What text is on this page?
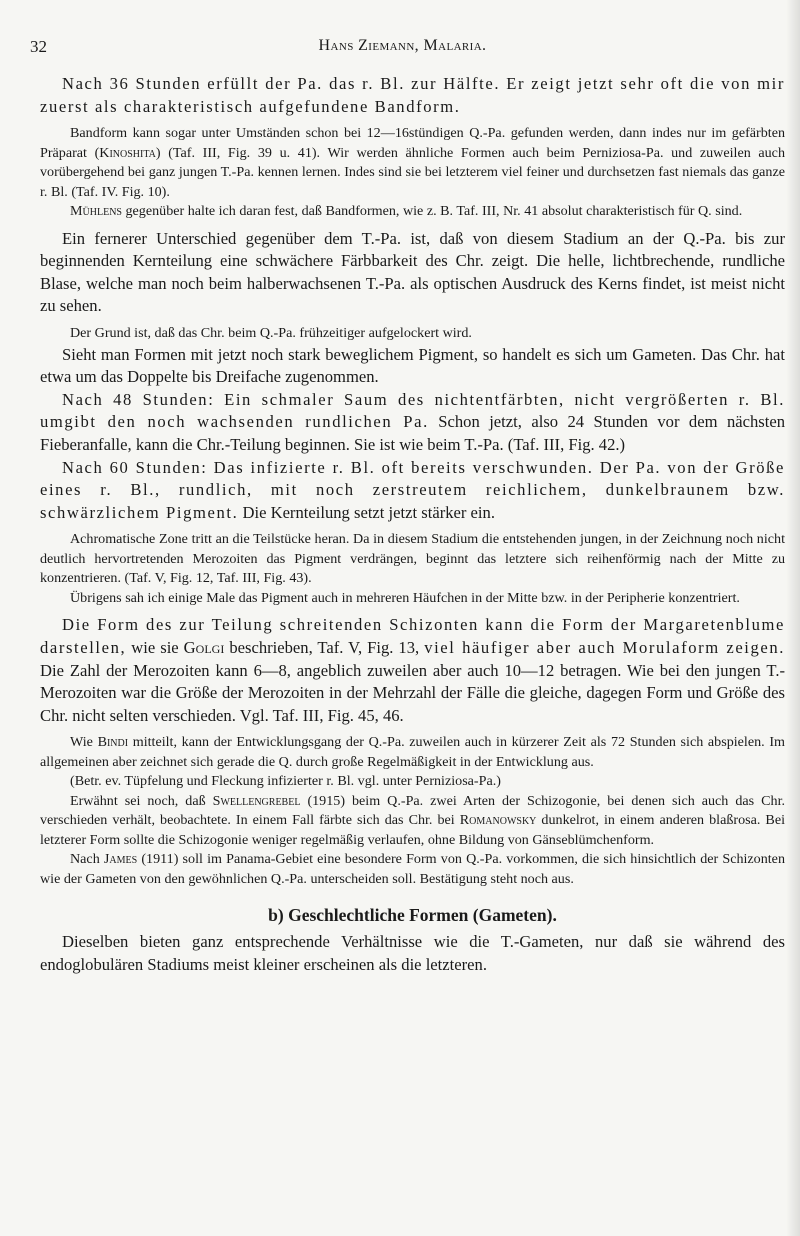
32	Hans Ziemann, Malaria.

Nach 36 Stunden erfüllt der Pa. das r. Bl. zur Hälfte. Er zeigt jetzt sehr oft die von mir zuerst als charakteristisch aufgefundene Bandform.

Bandform kann sogar unter Umständen schon bei 12—16stündigen Q.-Pa. gefunden werden, dann indes nur im gefärbten Präparat (Kinoshita) (Taf. III, Fig. 39 u. 41). Wir werden ähnliche Formen auch beim Perniziosa-Pa. und zuweilen auch vorübergehend bei ganz jungen T.-Pa. kennen lernen. Indes sind sie bei letzterem viel feiner und durchsetzen fast niemals das ganze r. Bl. (Taf. IV. Fig. 10).

Mühlens gegenüber halte ich daran fest, daß Bandformen, wie z. B. Taf. III, Nr. 41 absolut charakteristisch für Q. sind.

Ein fernerer Unterschied gegenüber dem T.-Pa. ist, daß von diesem Stadium an der Q.-Pa. bis zur beginnenden Kernteilung eine schwächere Färbbarkeit des Chr. zeigt. Die helle, lichtbrechende, rundliche Blase, welche man noch beim halberwachsenen T.-Pa. als optischen Ausdruck des Kerns findet, ist meist nicht zu sehen.

Der Grund ist, daß das Chr. beim Q.-Pa. frühzeitiger aufgelockert wird.

Sieht man Formen mit jetzt noch stark beweglichem Pigment, so handelt es sich um Gameten. Das Chr. hat etwa um das Doppelte bis Dreifache zugenommen.

Nach 48 Stunden: Ein schmaler Saum des nichtentfärbten, nicht vergrößerten r. Bl. umgibt den noch wachsenden rundlichen Pa. Schon jetzt, also 24 Stunden vor dem nächsten Fieberanfalle, kann die Chr.-Teilung beginnen. Sie ist wie beim T.-Pa. (Taf. III, Fig. 42.)

Nach 60 Stunden: Das infizierte r. Bl. oft bereits verschwunden. Der Pa. von der Größe eines r. Bl., rundlich, mit noch zerstreutem reichlichem, dunkelbraunem bzw. schwärzlichem Pigment. Die Kernteilung setzt jetzt stärker ein.

Achromatische Zone tritt an die Teilstücke heran. Da in diesem Stadium die entstehenden jungen, in der Zeichnung noch nicht deutlich hervortretenden Merozoiten das Pigment verdrängen, beginnt das letztere sich reihenförmig nach der Mitte zu konzentrieren. (Taf. V, Fig. 12, Taf. III, Fig. 43).

Übrigens sah ich einige Male das Pigment auch in mehreren Häufchen in der Mitte bzw. in der Peripherie konzentriert.

Die Form des zur Teilung schreitenden Schizonten kann die Form der Margaretenblume darstellen, wie sie Golgi beschrieben, Taf. V, Fig. 13, viel häufiger aber auch Morulaform zeigen. Die Zahl der Merozoiten kann 6—8, angeblich zuweilen aber auch 10—12 betragen. Wie bei den jungen T.-Merozoiten war die Größe der Merozoiten in der Mehrzahl der Fälle die gleiche, dagegen Form und Größe des Chr. nicht selten verschieden. Vgl. Taf. III, Fig. 45, 46.

Wie Bindi mitteilt, kann der Entwicklungsgang der Q.-Pa. zuweilen auch in kürzerer Zeit als 72 Stunden sich abspielen. Im allgemeinen aber zeichnet sich gerade die Q. durch große Regelmäßigkeit in der Entwicklung aus.

(Betr. ev. Tüpfelung und Fleckung infizierter r. Bl. vgl. unter Perniziosa-Pa.)

Erwähnt sei noch, daß Swellengrebel (1915) beim Q.-Pa. zwei Arten der Schizogonie, bei denen sich auch das Chr. verschieden verhält, beobachtete. In einem Fall färbte sich das Chr. bei Romanowsky dunkelrot, in einem anderen blaßrosa. Bei letzterer Form sollte die Schizogonie weniger regelmäßig verlaufen, ohne Bildung von Gänseblümchenform.

Nach James (1911) soll im Panama-Gebiet eine besondere Form von Q.-Pa. vorkommen, die sich hinsichtlich der Schizonten wie der Gameten von den gewöhnlichen Q.-Pa. unterscheiden soll. Bestätigung steht noch aus.

b) Geschlechtliche Formen (Gameten).

Dieselben bieten ganz entsprechende Verhältnisse wie die T.-Gameten, nur daß sie während des endoglobulären Stadiums meist kleiner erscheinen als die letzteren.
